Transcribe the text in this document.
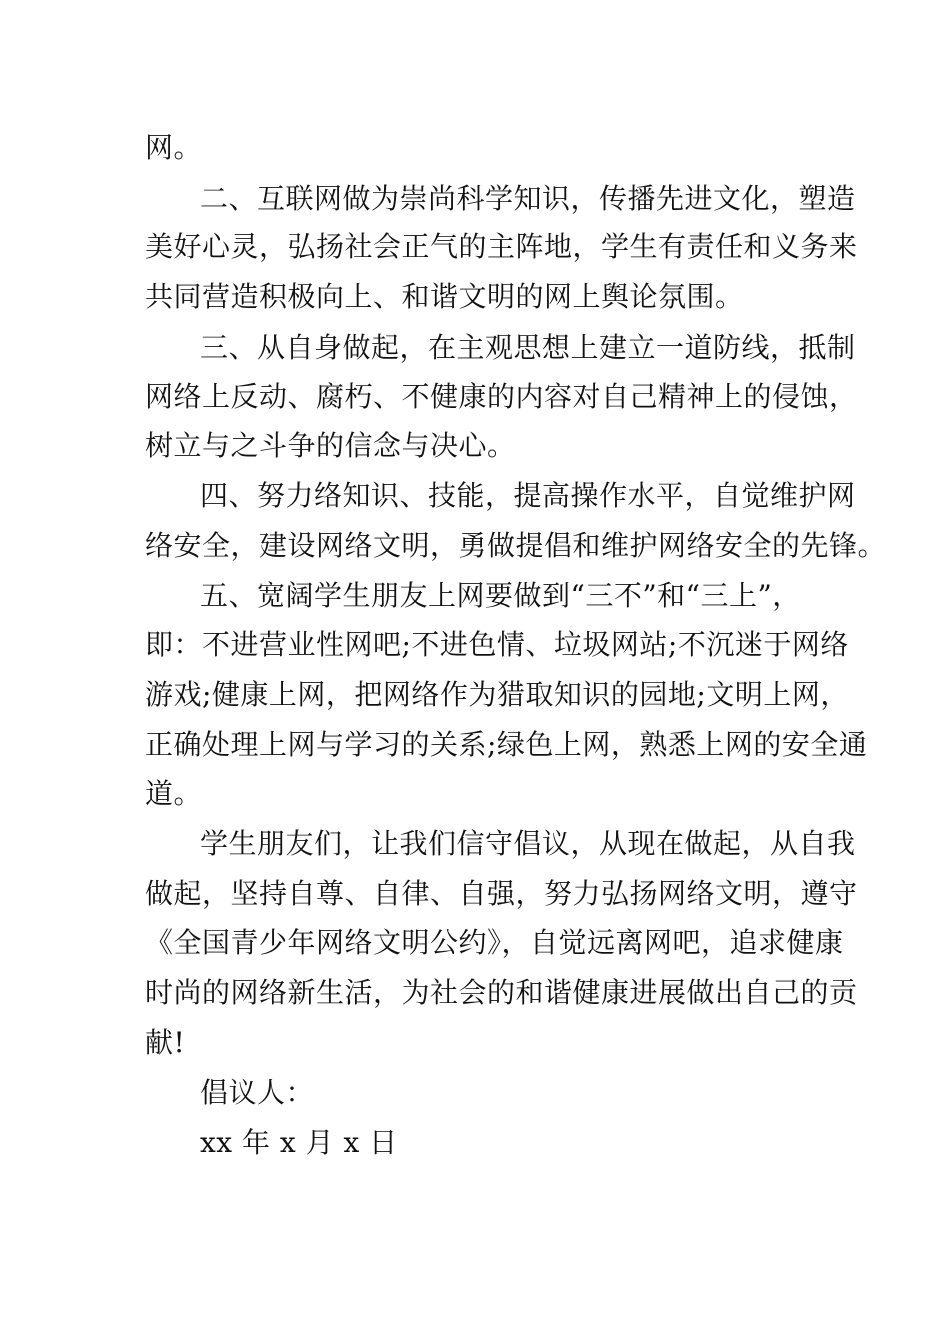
网。
二、互联网做为崇尚科学知识，传播先进文化，塑造
美好心灵，弘扬社会正气的主阵地，学生有责任和义务来
共同营造积极向上、和谐文明的网上舆论氛围。
三、从自身做起，在主观思想上建立一道防线，抵制
网络上反动、腐朽、不健康的内容对自己精神上的侵蚀，
树立与之斗争的信念与决心。
四、努力络知识、技能，提高操作水平，自觉维护网
络安全，建设网络文明，勇做提倡和维护网络安全的先锋。
五、宽阔学生朋友上网要做到“三不”和“三上”，
即：不进营业性网吧;不进色情、垃圾网站;不沉迷于网络
游戏;健康上网，把网络作为猎取知识的园地;文明上网，
正确处理上网与学习的关系;绿色上网，熟悉上网的安全通
道。
学生朋友们，让我们信守倡议，从现在做起，从自我
做起，坚持自尊、自律、自强，努力弘扬网络文明，遵守
《全国青少年网络文明公约》，自觉远离网吧，追求健康
时尚的网络新生活，为社会的和谐健康进展做出自己的贡
献!
倡议人：
xx 年 x 月 x 日
